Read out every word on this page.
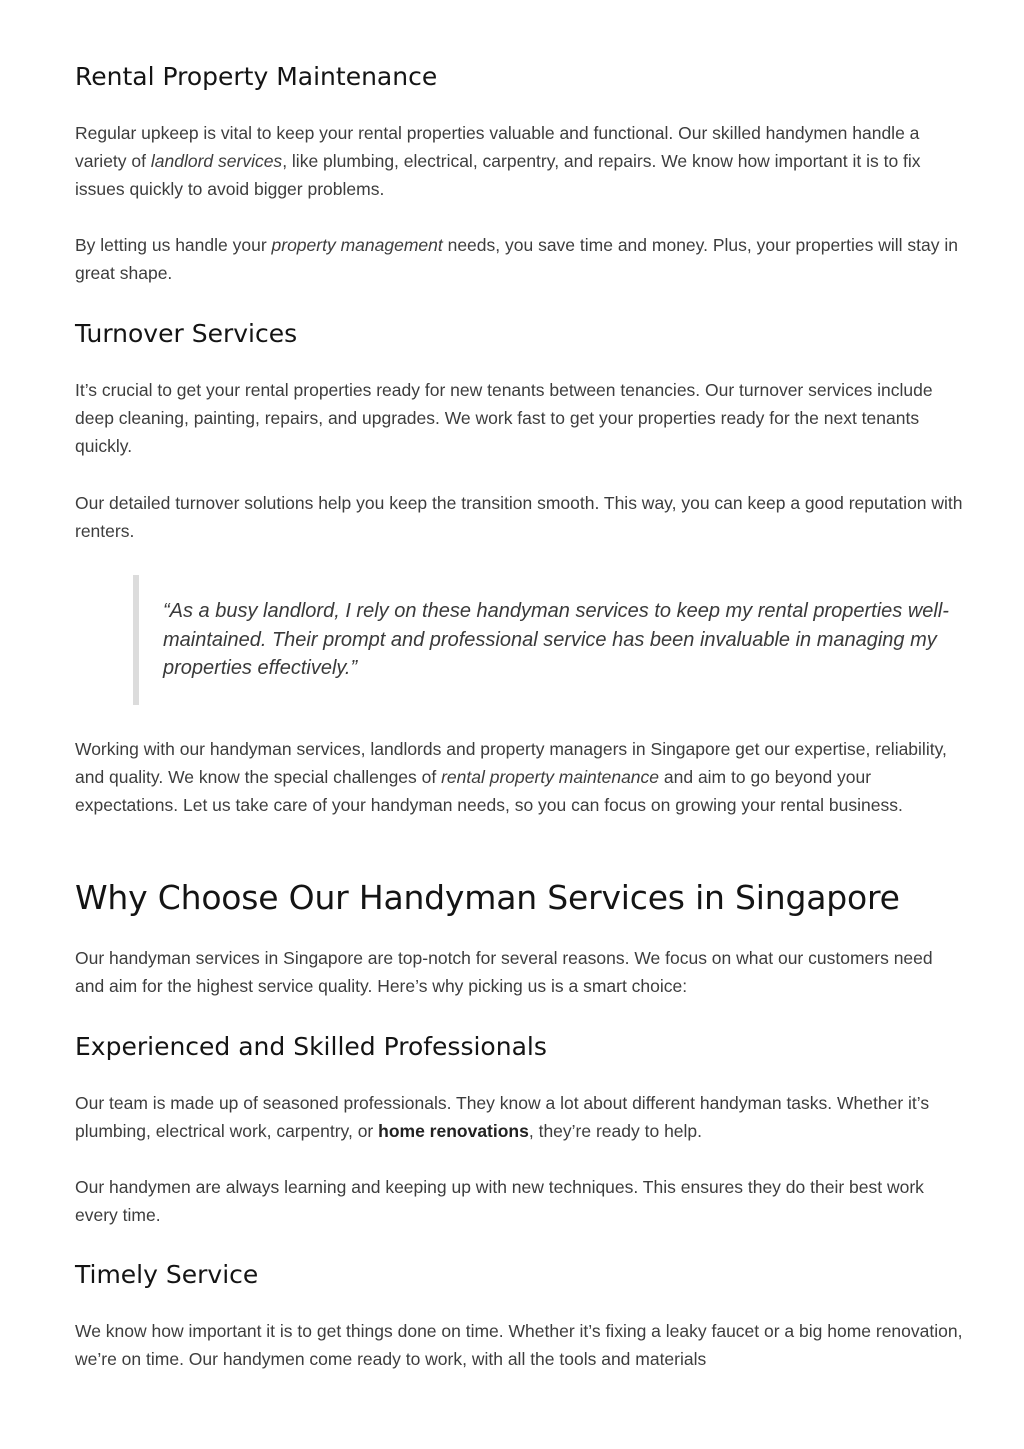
Rental Property Maintenance

Regular upkeep is vital to keep your rental properties valuable and functional. Our skilled handymen handle a variety of landlord services, like plumbing, electrical, carpentry, and repairs. We know how important it is to fix issues quickly to avoid bigger problems.

By letting us handle your property management needs, you save time and money. Plus, your properties will stay in great shape.

Turnover Services

It’s crucial to get your rental properties ready for new tenants between tenancies. Our turnover services include deep cleaning, painting, repairs, and upgrades. We work fast to get your properties ready for the next tenants quickly.

Our detailed turnover solutions help you keep the transition smooth. This way, you can keep a good reputation with renters.

“As a busy landlord, I rely on these handyman services to keep my rental properties well-maintained. Their prompt and professional service has been invaluable in managing my properties effectively.”

Working with our handyman services, landlords and property managers in Singapore get our expertise, reliability, and quality. We know the special challenges of rental property maintenance and aim to go beyond your expectations. Let us take care of your handyman needs, so you can focus on growing your rental business.

Why Choose Our Handyman Services in Singapore

Our handyman services in Singapore are top-notch for several reasons. We focus on what our customers need and aim for the highest service quality. Here’s why picking us is a smart choice:

Experienced and Skilled Professionals

Our team is made up of seasoned professionals. They know a lot about different handyman tasks. Whether it’s plumbing, electrical work, carpentry, or home renovations, they’re ready to help.

Our handymen are always learning and keeping up with new techniques. This ensures they do their best work every time.

Timely Service

We know how important it is to get things done on time. Whether it’s fixing a leaky faucet or a big home renovation, we’re on time. Our handymen come ready to work, with all the tools and materials
